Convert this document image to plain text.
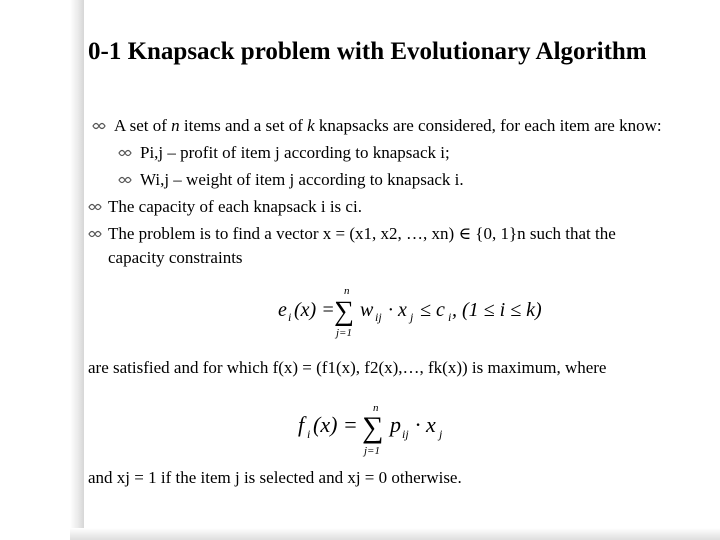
0-1 Knapsack problem with Evolutionary Algorithm
A set of n items and a set of k knapsacks are considered, for each item are know:
Pi,j – profit of item j according to knapsack i;
Wi,j – weight of item j according to knapsack i.
The capacity of each knapsack i is ci.
The problem is to find a vector x = (x1, x2, …, xn) ∈ {0, 1}n such that the
capacity constraints
e i (x) =
n
∑
j=1
w ij · x j ≤ c i , (1 ≤ i ≤ k)
are satisfied and for which f(x) = (f1(x), f2(x),…, fk(x)) is maximum, where
f i (x) =
n
∑
j=1
p ij · x j
and xj = 1 if the item j is selected and xj = 0 otherwise.
